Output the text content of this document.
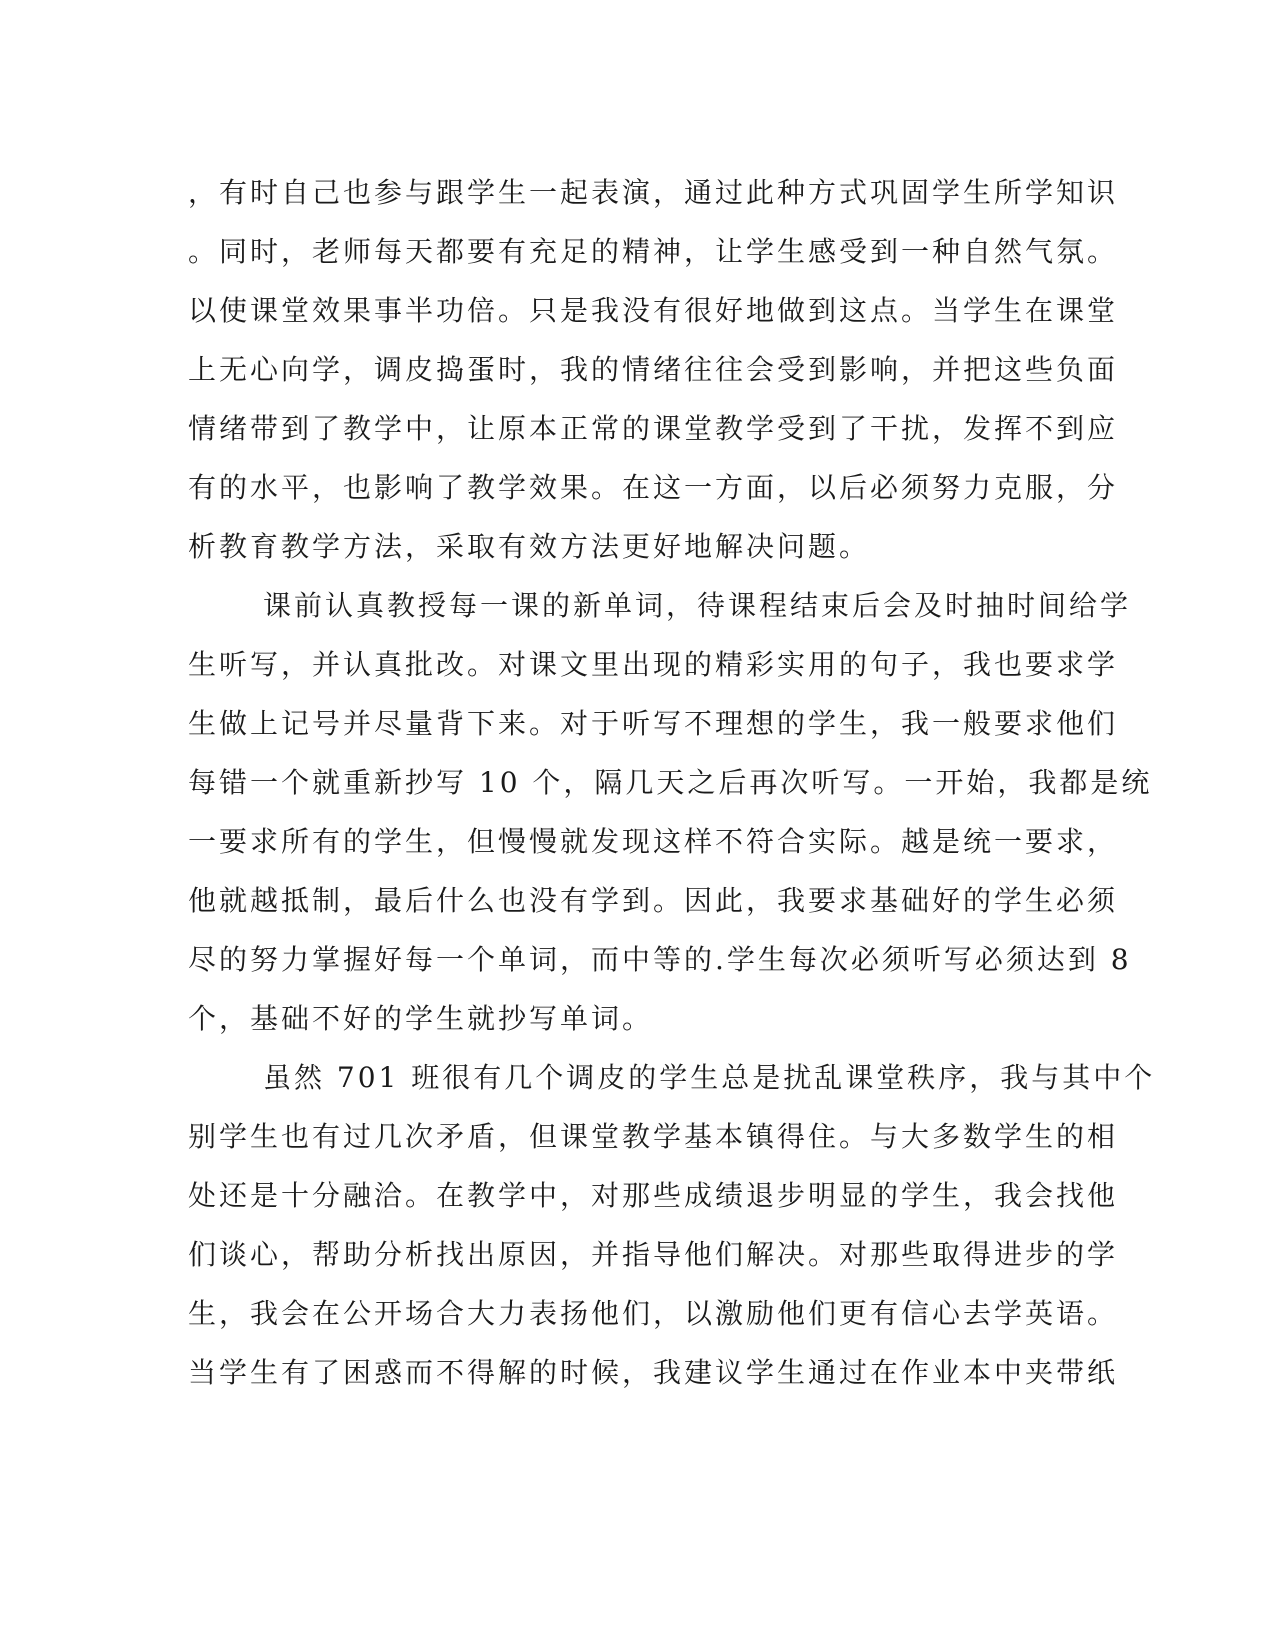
，有时自己也参与跟学生一起表演，通过此种方式巩固学生所学知识
。同时，老师每天都要有充足的精神，让学生感受到一种自然气氛。
以使课堂效果事半功倍。只是我没有很好地做到这点。当学生在课堂
上无心向学，调皮捣蛋时，我的情绪往往会受到影响，并把这些负面
情绪带到了教学中，让原本正常的课堂教学受到了干扰，发挥不到应
有的水平，也影响了教学效果。在这一方面，以后必须努力克服，分
析教育教学方法，采取有效方法更好地解决问题。
课前认真教授每一课的新单词，待课程结束后会及时抽时间给学
生听写，并认真批改。对课文里出现的精彩实用的句子，我也要求学
生做上记号并尽量背下来。对于听写不理想的学生，我一般要求他们
每错一个就重新抄写 10 个，隔几天之后再次听写。一开始，我都是统
一要求所有的学生，但慢慢就发现这样不符合实际。越是统一要求，
他就越抵制，最后什么也没有学到。因此，我要求基础好的学生必须
尽的努力掌握好每一个单词，而中等的.学生每次必须听写必须达到 8
个，基础不好的学生就抄写单词。
虽然 701 班很有几个调皮的学生总是扰乱课堂秩序，我与其中个
别学生也有过几次矛盾，但课堂教学基本镇得住。与大多数学生的相
处还是十分融洽。在教学中，对那些成绩退步明显的学生，我会找他
们谈心，帮助分析找出原因，并指导他们解决。对那些取得进步的学
生，我会在公开场合大力表扬他们，以激励他们更有信心去学英语。
当学生有了困惑而不得解的时候，我建议学生通过在作业本中夹带纸
